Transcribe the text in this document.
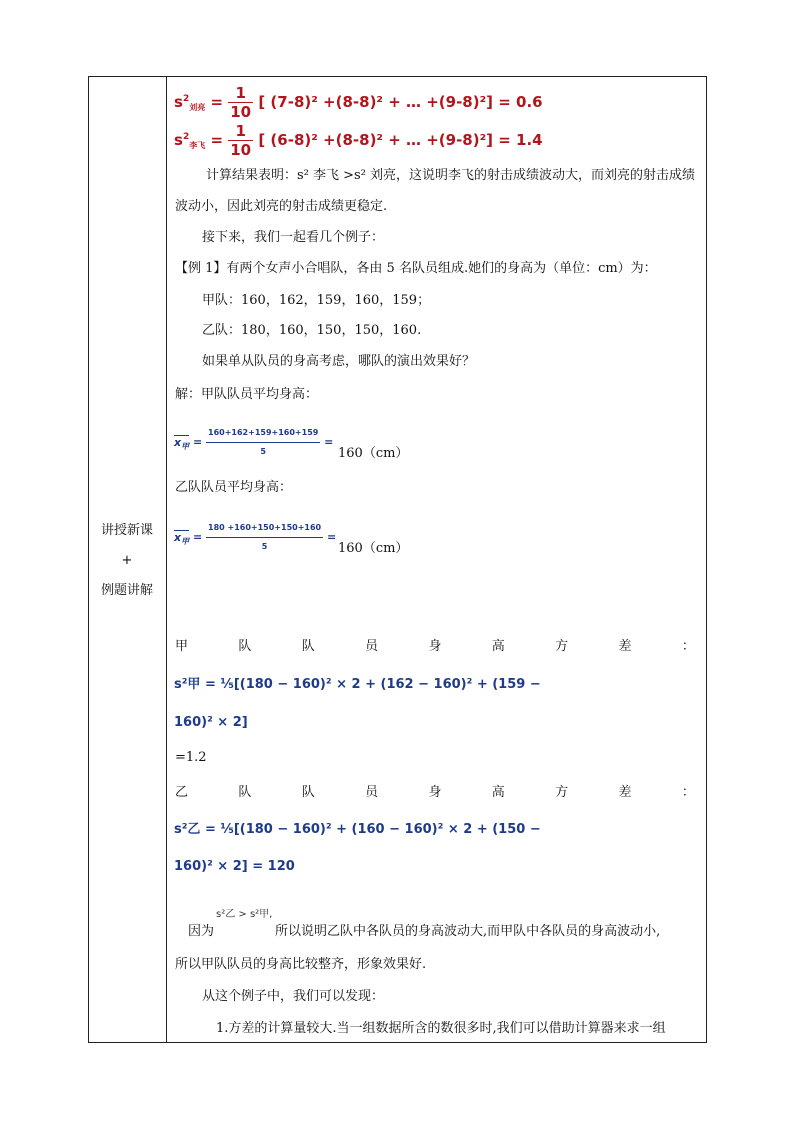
讲授新课
+
例题讲解
$s^2_{刘亮} = \frac{1}{10}$ [ (7-8)² +(8-8)² + … +(9-8)²] = 0.6
$s^2_{李飞} = \frac{1}{10}$ [ (6-8)² +(8-8)² + … +(9-8)²] = 1.4
计算结果表明：s² 李飞 >s² 刘亮，这说明李飞的射击成绩波动大，而刘亮的射击成绩
波动小，因此刘亮的射击成绩更稳定.
接下来，我们一起看几个例子：
【例 1】有两个女声小合唱队，各由 5 名队员组成.她们的身高为（单位：cm）为：
甲队：160，162，159，160，159；
乙队：180，160，150，150，160.
如果单从队员的身高考虑，哪队的演出效果好？
解：甲队队员平均身高：
$x_甲 = \frac{160+162+159+160+159}{5}$ =
160（cm）
乙队队员平均身高：
$x_甲 = \frac{180 +160+150+150+160}{5}$ =
160（cm）
甲	队	队	员	身	高	方	差	：
s²甲 = ⅕[(180 − 160)² × 2 + (162 − 160)² + (159 −
160)² × 2]
=1.2
乙	队	队	员	身	高	方	差	：
s²乙 = ⅕[(180 − 160)² + (160 − 160)² × 2 + (150 −
160)² × 2] = 120
因为
s²乙 > s²甲,
所以说明乙队中各队员的身高波动大,而甲队中各队员的身高波动小,
所以甲队队员的身高比较整齐，形象效果好.
从这个例子中，我们可以发现：
1.方差的计算量较大.当一组数据所含的数很多时,我们可以借助计算器来求一组
